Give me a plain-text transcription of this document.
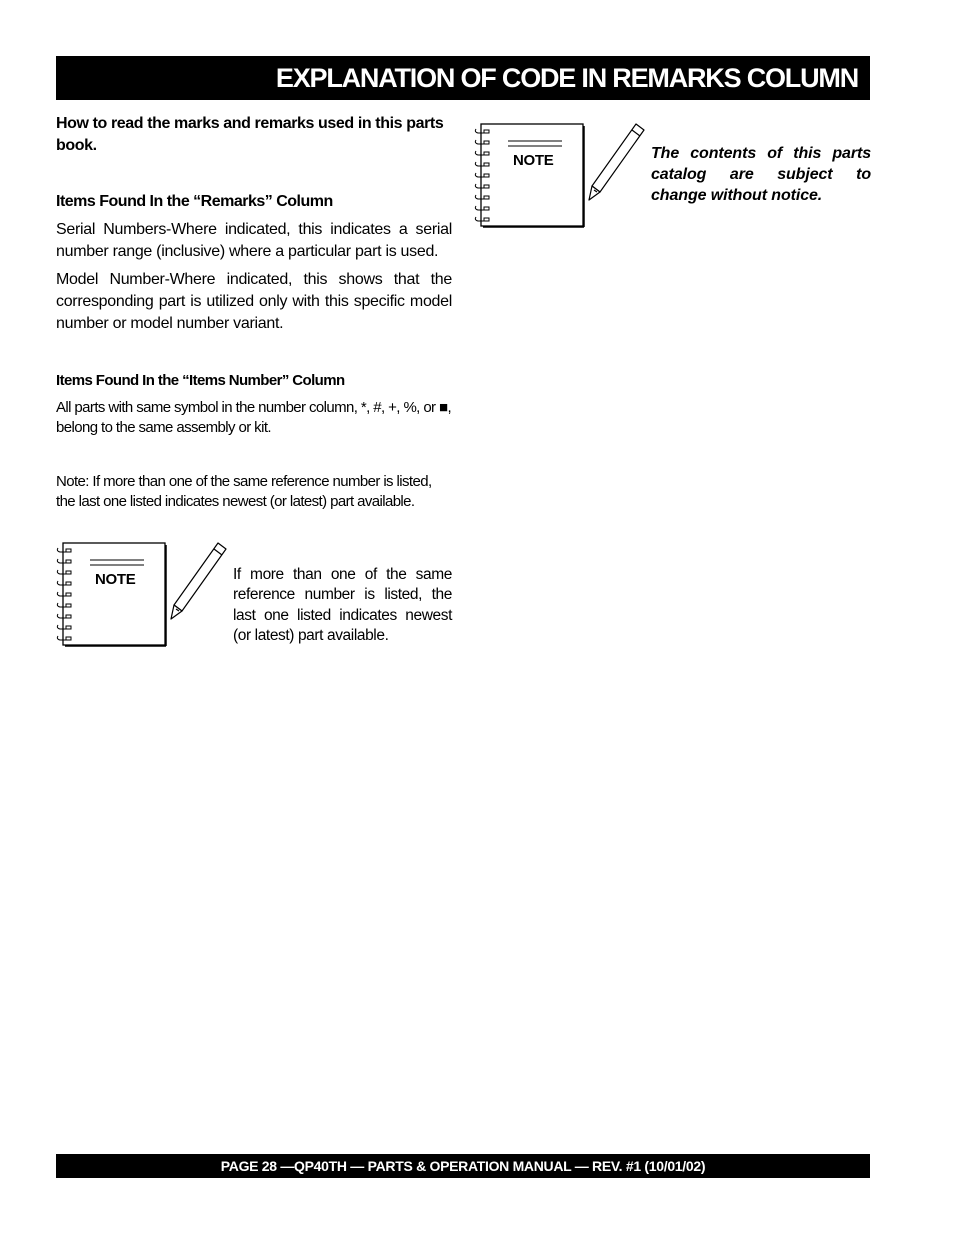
EXPLANATION OF CODE IN REMARKS COLUMN

How to read the marks and remarks used in this parts book.

Items Found In the “Remarks” Column

Serial Numbers-Where indicated, this indicates a serial number range (inclusive) where a particular part is used.

Model Number-Where indicated, this shows that the corresponding part is utilized only with this specific model number or model number variant.

Items Found In the “Items Number” Column

All parts with same symbol in the number column, *, #, +, %, or ■, belong to the same assembly or kit.

Note: If more than one of the same reference number is listed, the last one listed indicates newest (or latest) part available.

NOTE	The contents of this parts catalog are subject to change without notice.

NOTE	If more than one of the same reference number is listed, the last one listed indicates newest (or latest) part available.

PAGE 28 —QP40TH — PARTS & OPERATION MANUAL — REV. #1 (10/01/02)
